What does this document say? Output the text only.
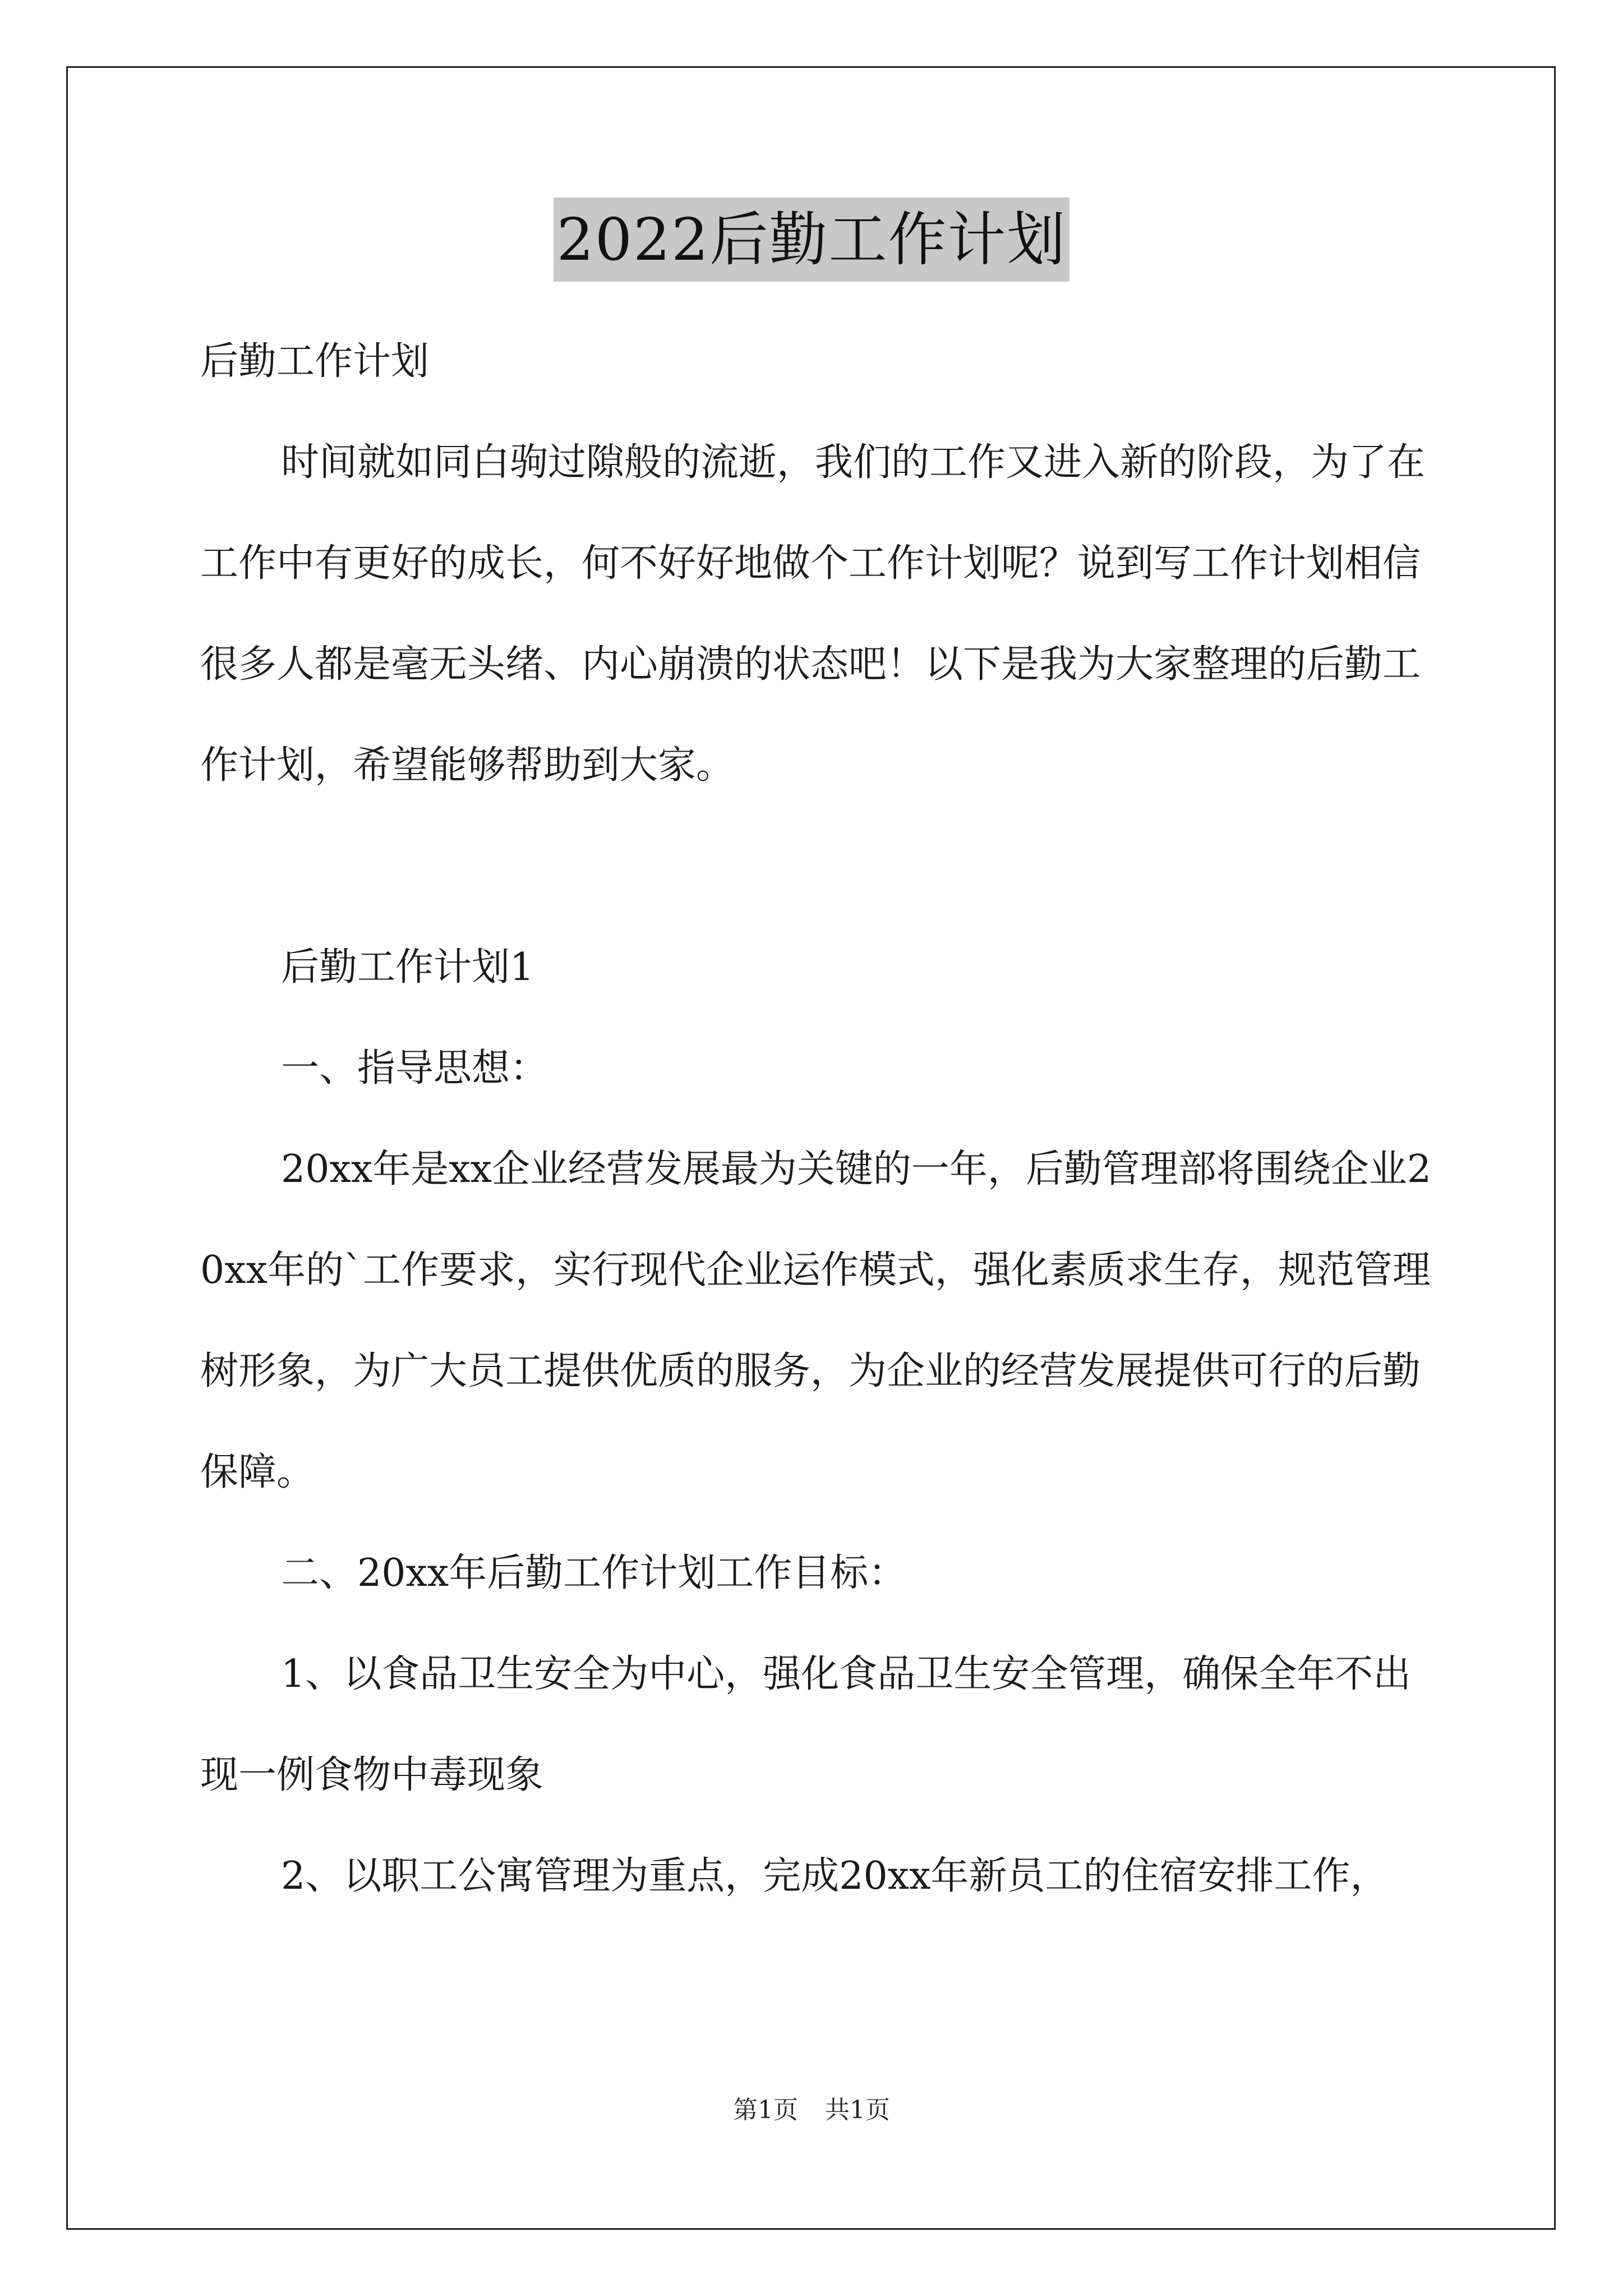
2022后勤工作计划

后勤工作计划

时间就如同白驹过隙般的流逝，我们的工作又进入新的阶段，为了在工作中有更好的成长，何不好好地做个工作计划呢？说到写工作计划相信很多人都是毫无头绪、内心崩溃的状态吧！以下是我为大家整理的后勤工作计划，希望能够帮助到大家。

后勤工作计划1

一、指导思想：

20xx年是xx企业经营发展最为关键的一年，后勤管理部将围绕企业20xx年的`工作要求，实行现代企业运作模式，强化素质求生存，规范管理树形象，为广大员工提供优质的服务，为企业的经营发展提供可行的后勤保障。

二、20xx年后勤工作计划工作目标：

1、以食品卫生安全为中心，强化食品卫生安全管理，确保全年不出现一例食物中毒现象

2、以职工公寓管理为重点，完成20xx年新员工的住宿安排工作，

第1页 共1页
